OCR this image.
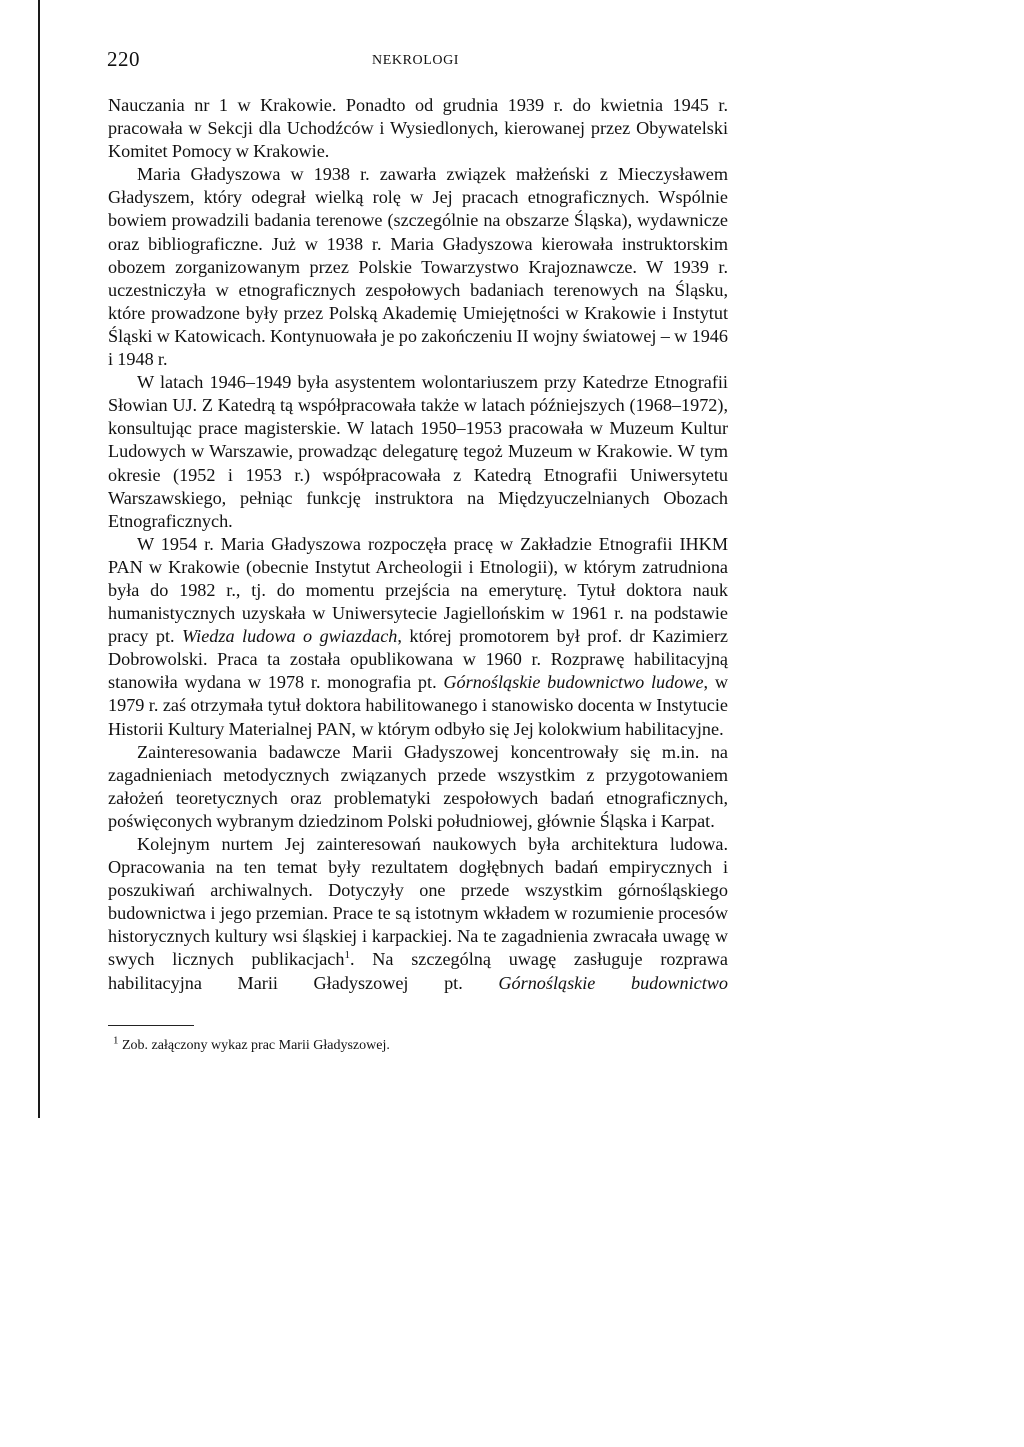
220	NEKROLOGI

Nauczania nr 1 w Krakowie. Ponadto od grudnia 1939 r. do kwietnia 1945 r. pracowała w Sekcji dla Uchodźców i Wysiedlonych, kierowanej przez Obywatelski Komitet Pomocy w Krakowie.

Maria Gładyszowa w 1938 r. zawarła związek małżeński z Mieczysławem Gładyszem, który odegrał wielką rolę w Jej pracach etnograficznych. Wspólnie bowiem prowadzili badania terenowe (szczególnie na obszarze Śląska), wydawnicze oraz bibliograficzne. Już w 1938 r. Maria Gładyszowa kierowała instruktorskim obozem zorganizowanym przez Polskie Towarzystwo Krajoznawcze. W 1939 r. uczestniczyła w etnograficznych zespołowych badaniach terenowych na Śląsku, które prowadzone były przez Polską Akademię Umiejętności w Krakowie i Instytut Śląski w Katowicach. Kontynuowała je po zakończeniu II wojny światowej – w 1946 i 1948 r.

W latach 1946–1949 była asystentem wolontariuszem przy Katedrze Etnografii Słowian UJ. Z Katedrą tą współpracowała także w latach późniejszych (1968–1972), konsultując prace magisterskie. W latach 1950–1953 pracowała w Muzeum Kultur Ludowych w Warszawie, prowadząc delegaturę tegoż Muzeum w Krakowie. W tym okresie (1952 i 1953 r.) współpracowała z Katedrą Etnografii Uniwersytetu Warszawskiego, pełniąc funkcję instruktora na Międzyuczelnianych Obozach Etnograficznych.

W 1954 r. Maria Gładyszowa rozpoczęła pracę w Zakładzie Etnografii IHKM PAN w Krakowie (obecnie Instytut Archeologii i Etnologii), w którym zatrudniona była do 1982 r., tj. do momentu przejścia na emeryturę. Tytuł doktora nauk humanistycznych uzyskała w Uniwersytecie Jagiellońskim w 1961 r. na podstawie pracy pt. Wiedza ludowa o gwiazdach, której promotorem był prof. dr Kazimierz Dobrowolski. Praca ta została opublikowana w 1960 r. Rozprawę habilitacyjną stanowiła wydana w 1978 r. monografia pt. Górnośląskie budownictwo ludowe, w 1979 r. zaś otrzymała tytuł doktora habilitowanego i stanowisko docenta w Instytucie Historii Kultury Materialnej PAN, w którym odbyło się Jej kolokwium habilitacyjne.

Zainteresowania badawcze Marii Gładyszowej koncentrowały się m.in. na zagadnieniach metodycznych związanych przede wszystkim z przygotowaniem założeń teoretycznych oraz problematyki zespołowych badań etnograficznych, poświęconych wybranym dziedzinom Polski południowej, głównie Śląska i Karpat.

Kolejnym nurtem Jej zainteresowań naukowych była architektura ludowa. Opracowania na ten temat były rezultatem dogłębnych badań empirycznych i poszukiwań archiwalnych. Dotyczyły one przede wszystkim górnośląskiego budownictwa i jego przemian. Prace te są istotnym wkładem w rozumienie procesów historycznych kultury wsi śląskiej i karpackiej. Na te zagadnienia zwracała uwagę w swych licznych publikacjach$^1$. Na szczególną uwagę zasługuje rozprawa habilitacyjna Marii Gładyszowej pt. Górnośląskie budownictwo

$^1$ Zob. załączony wykaz prac Marii Gładyszowej.
